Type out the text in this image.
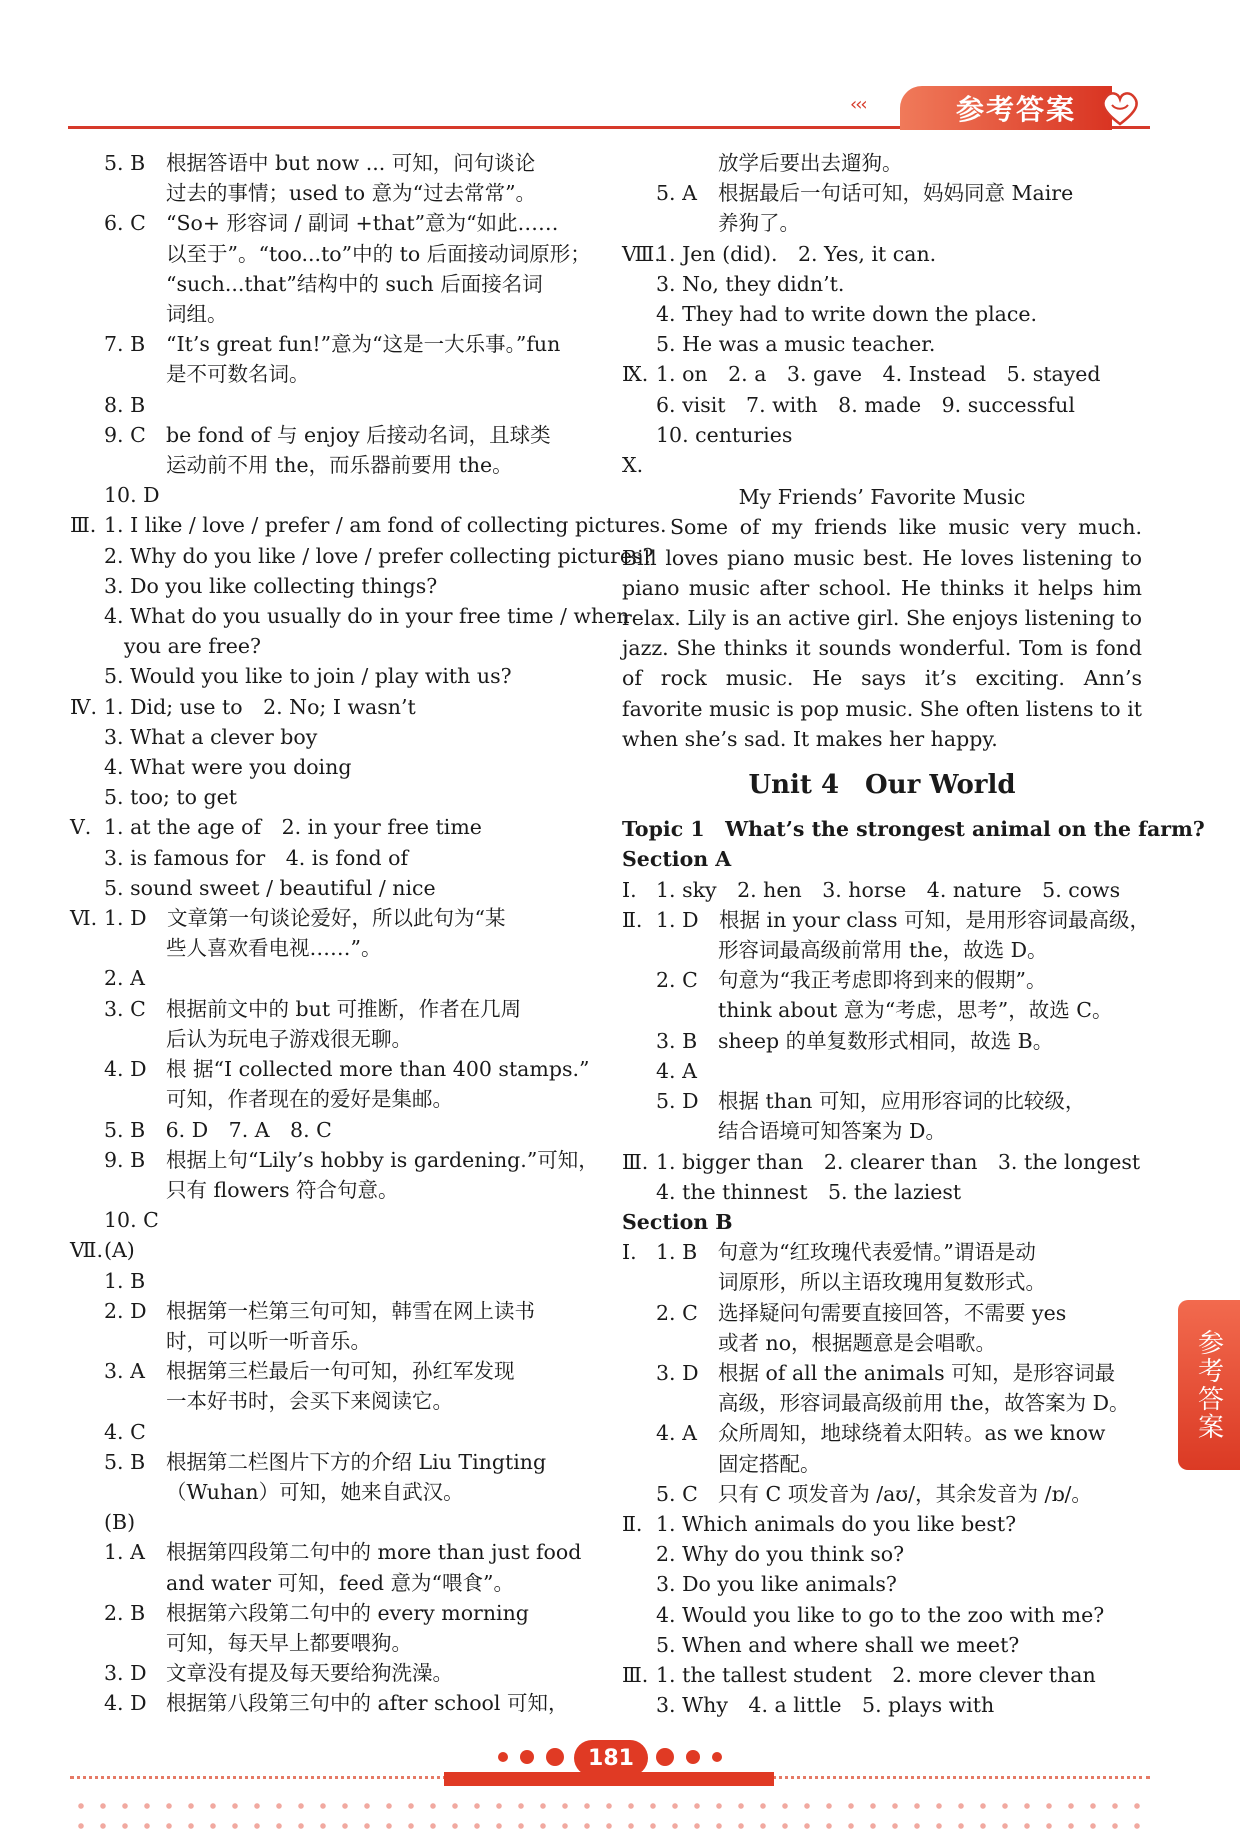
‹‹‹	参考答案
5. B	根据答语中 but now ... 可知，问句谈论
过去的事情；used to 意为“过去常常”。
6. C “So+ 形容词 / 副词 +that”意为“如此……
以至于”。“too...to”中的 to 后面接动词原形；
“such...that”结构中的 such 后面接名词
词组。
7. B	“It’s great fun!”意为“这是一大乐事。”fun
是不可数名词。
8. B
9. C be fond of 与 enjoy 后接动名词，且球类
运动前不用 the，而乐器前要用 the。
10. D
Ⅲ. 1. I like / love / prefer / am fond of collecting pictures.
2. Why do you like / love / prefer collecting pictures?
3. Do you like collecting things?
4. What do you usually do in your free time / when
you are free?
5. Would you like to join / play with us?
Ⅳ. 1. Did; use to　2. No; I wasn’t
3. What a clever boy
4. What were you doing
5. too; to get
Ⅴ. 1. at the age of　2. in your free time
3. is famous for　4. is fond of
5. sound sweet / beautiful / nice
Ⅵ. 1. D　文章第一句谈论爱好，所以此句为“某
些人喜欢看电视……”。
2. A
3. C 根据前文中的 but 可推断，作者在几周
后认为玩电子游戏很无聊。
4. D 根 据“I collected more than 400 stamps.”
可知，作者现在的爱好是集邮。
5. B　6. D　7. A　8. C
9. B	根据上句“Lily’s hobby is gardening.”可知，
只有 flowers 符合句意。
10. C
Ⅶ. (A)
1. B
2. D 根据第一栏第三句可知，韩雪在网上读书
时，可以听一听音乐。
3. A	根据第三栏最后一句可知，孙红军发现
一本好书时，会买下来阅读它。
4. C
5. B	根据第二栏图片下方的介绍 Liu Tingting
（Wuhan）可知，她来自武汉。
(B)
1. A	根据第四段第二句中的 more than just food
and water 可知，feed 意为“喂食”。
2. B	根据第六段第二句中的 every morning
可知，每天早上都要喂狗。
3. D 文章没有提及每天要给狗洗澡。
4. D 根据第八段第三句中的 after school 可知，
放学后要出去遛狗。
5. A	根据最后一句话可知，妈妈同意 Maire
养狗了。
Ⅷ.
1. Jen (did).　2. Yes, it can.
3. No, they didn’t.
4. They had to write down the place.
5. He was a music teacher.
Ⅸ. 1. on　2. a　3. gave　4. Instead　5. stayed
6. visit　7. with　8. made　9. successful
10. centuries
Ⅹ.
My Friends’ Favorite Music
Some of my friends like music very much. Bill loves piano music best. He loves listening to piano music after school. He thinks it helps him relax. Lily is an active girl. She enjoys listening to jazz. She thinks it sounds wonderful. Tom is fond of rock music. He says it’s exciting. Ann’s favorite music is pop music. She often listens to it when she’s sad. It makes her happy.
Unit 4　Our World
Topic 1　What’s the strongest animal on the farm?
Section A
Ⅰ. 1. sky　2. hen　3. horse　4. nature　5. cows
Ⅱ. 1. D　根据 in your class 可知，是用形容词最高级，
形容词最高级前常用 the，故选 D。
2. C 句意为“我正考虑即将到来的假期”。
think about 意为“考虑，思考”，故选 C。
3. B	sheep 的单复数形式相同，故选 B。
4. A
5. D 根据 than 可知，应用形容词的比较级，
结合语境可知答案为 D。
Ⅲ. 1. bigger than　2. clearer than　3. the longest
4. the thinnest　5. the laziest
Section B
Ⅰ. 1. B　句意为“红玫瑰代表爱情。”谓语是动
词原形，所以主语玫瑰用复数形式。
2. C 选择疑问句需要直接回答，不需要 yes
或者 no，根据题意是会唱歌。
3. D 根据 of all the animals 可知，是形容词最
高级，形容词最高级前用 the，故答案为 D。
4. A	众所周知，地球绕着太阳转。as we know
固定搭配。
5. C 只有 C 项发音为 /aʊ/，其余发音为 /ɒ/。
Ⅱ. 1. Which animals do you like best?
2. Why do you think so?
3. Do you like animals?
4. Would you like to go to the zoo with me?
5. When and where shall we meet?
Ⅲ. 1. the tallest student　2. more clever than
3. Why　4. a little　5. plays with
参考答案
181
